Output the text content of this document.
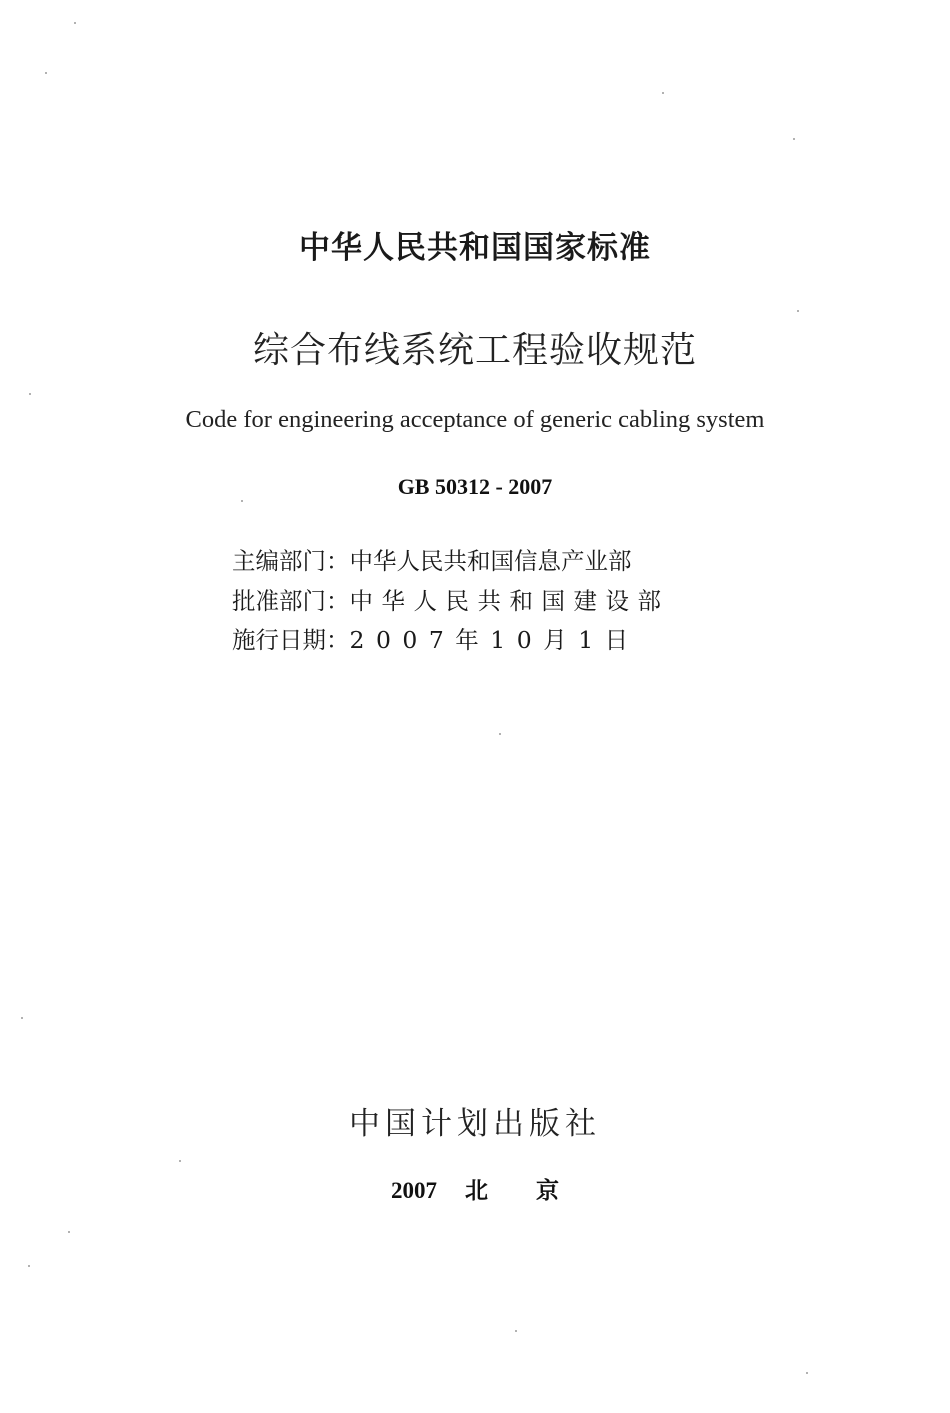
中华人民共和国国家标准
综合布线系统工程验收规范
Code for engineering acceptance of generic cabling system
GB 50312 - 2007
主编部门：中华人民共和国信息产业部
批准部门：中华人民共和国建设部
施行日期：2007年10月1日
中国计划出版社
2007 北 京
